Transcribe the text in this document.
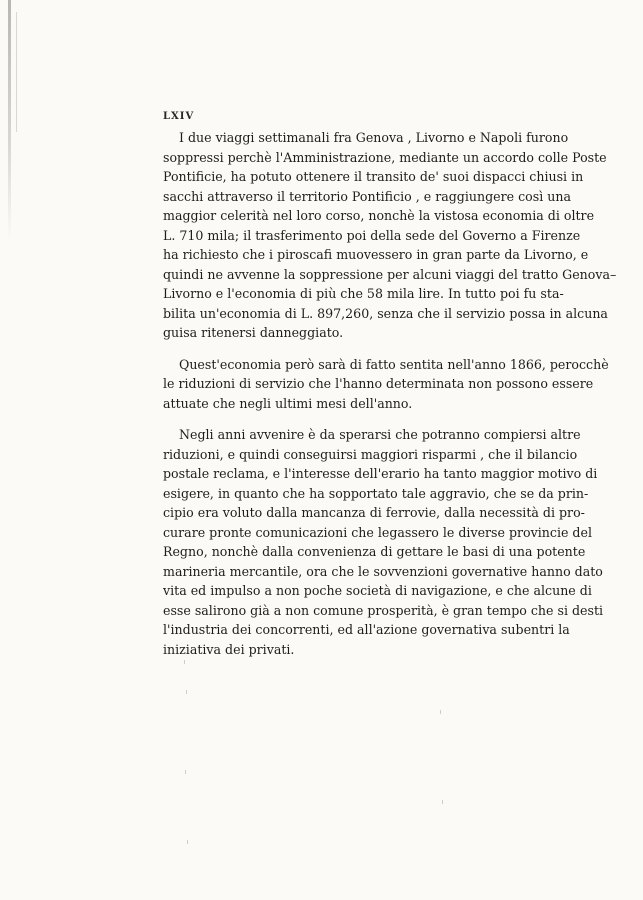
LXIV
I due viaggi settimanali fra Genova , Livorno e Napoli furono
soppressi perchè l'Amministrazione, mediante un accordo colle Poste
Pontificie, ha potuto ottenere il transito de' suoi dispacci chiusi in
sacchi attraverso il territorio Pontificio , e raggiungere così una
maggior celerità nel loro corso, nonchè la vistosa economia di oltre
L. 710 mila; il trasferimento poi della sede del Governo a Firenze
ha richiesto che i piroscafi muovessero in gran parte da Livorno, e
quindi ne avvenne la soppressione per alcuni viaggi del tratto Genova–
Livorno e l'economia di più che 58 mila lire. In tutto poi fu sta-
bilita un'economia di L. 897,260, senza che il servizio possa in alcuna
guisa ritenersi danneggiato.
Quest'economia però sarà di fatto sentita nell'anno 1866, perocchè
le riduzioni di servizio che l'hanno determinata non possono essere
attuate che negli ultimi mesi dell'anno.
Negli anni avvenire è da sperarsi che potranno compiersi altre
riduzioni, e quindi conseguirsi maggiori risparmi , che il bilancio
postale reclama, e l'interesse dell'erario ha tanto maggior motivo di
esigere, in quanto che ha sopportato tale aggravio, che se da prin-
cipio era voluto dalla mancanza di ferrovie, dalla necessità di pro-
curare pronte comunicazioni che legassero le diverse provincie del
Regno, nonchè dalla convenienza di gettare le basi di una potente
marineria mercantile, ora che le sovvenzioni governative hanno dato
vita ed impulso a non poche società di navigazione, e che alcune di
esse salirono già a non comune prosperità, è gran tempo che si desti
l'industria dei concorrenti, ed all'azione governativa subentri la
iniziativa dei privati.
